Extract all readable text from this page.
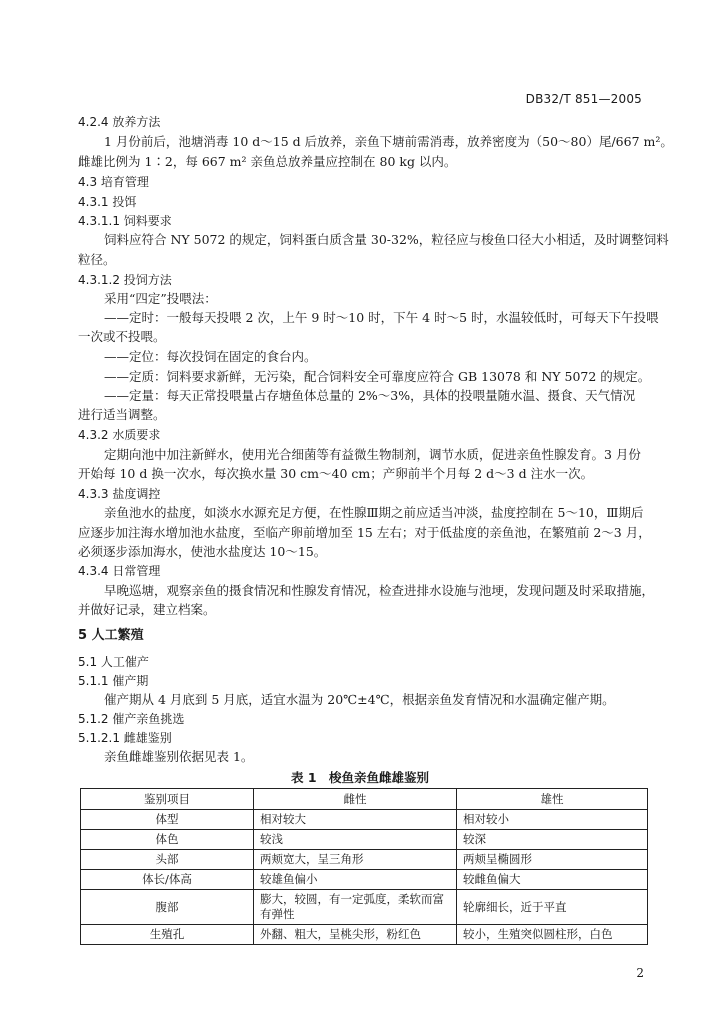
DB32/T 851—2005
4.2.4 放养方法
1 月份前后，池塘消毒 10 d～15 d 后放养，亲鱼下塘前需消毒，放养密度为（50～80）尾/667 m²。
雌雄比例为 1∶2，每 667 m² 亲鱼总放养量应控制在 80 kg 以内。
4.3 培育管理
4.3.1 投饵
4.3.1.1 饲料要求
饲料应符合 NY 5072 的规定，饲料蛋白质含量 30-32%，粒径应与梭鱼口径大小相适，及时调整饲料
粒径。
4.3.1.2 投饲方法
采用“四定”投喂法：
——定时：一般每天投喂 2 次，上午 9 时～10 时，下午 4 时～5 时，水温较低时，可每天下午投喂
一次或不投喂。
——定位：每次投饲在固定的食台内。
——定质：饲料要求新鲜，无污染，配合饲料安全可靠度应符合 GB 13078 和 NY 5072 的规定。
——定量：每天正常投喂量占存塘鱼体总量的 2%～3%，具体的投喂量随水温、摄食、天气情况
进行适当调整。
4.3.2 水质要求
定期向池中加注新鲜水，使用光合细菌等有益微生物制剂，调节水质，促进亲鱼性腺发育。3 月份
开始每 10 d 换一次水，每次换水量 30 cm～40 cm；产卵前半个月每 2 d～3 d 注水一次。
4.3.3 盐度调控
亲鱼池水的盐度，如淡水水源充足方便，在性腺Ⅲ期之前应适当冲淡，盐度控制在 5～10，Ⅲ期后
应逐步加注海水增加池水盐度，至临产卵前增加至 15 左右；对于低盐度的亲鱼池，在繁殖前 2～3 月，
必须逐步添加海水，使池水盐度达 10～15。
4.3.4 日常管理
早晚巡塘，观察亲鱼的摄食情况和性腺发育情况，检查进排水设施与池埂，发现问题及时采取措施，
并做好记录，建立档案。
5 人工繁殖
5.1 人工催产
5.1.1 催产期
催产期从 4 月底到 5 月底，适宜水温为 20℃±4℃，根据亲鱼发育情况和水温确定催产期。
5.1.2 催产亲鱼挑选
5.1.2.1 雌雄鉴别
亲鱼雌雄鉴别依据见表 1。
表 1　梭鱼亲鱼雌雄鉴别
鉴别项目	雌性	雄性
体型	相对较大	相对较小
体色	较浅	较深
头部	两颊宽大，呈三角形	两颊呈椭圆形
体长/体高	较雄鱼偏小	较雌鱼偏大
腹部	膨大，较圆，有一定弧度，柔软而富有弹性	轮廓细长，近于平直
生殖孔	外翻、粗大，呈桃尖形，粉红色	较小，生殖突似圆柱形，白色
2
